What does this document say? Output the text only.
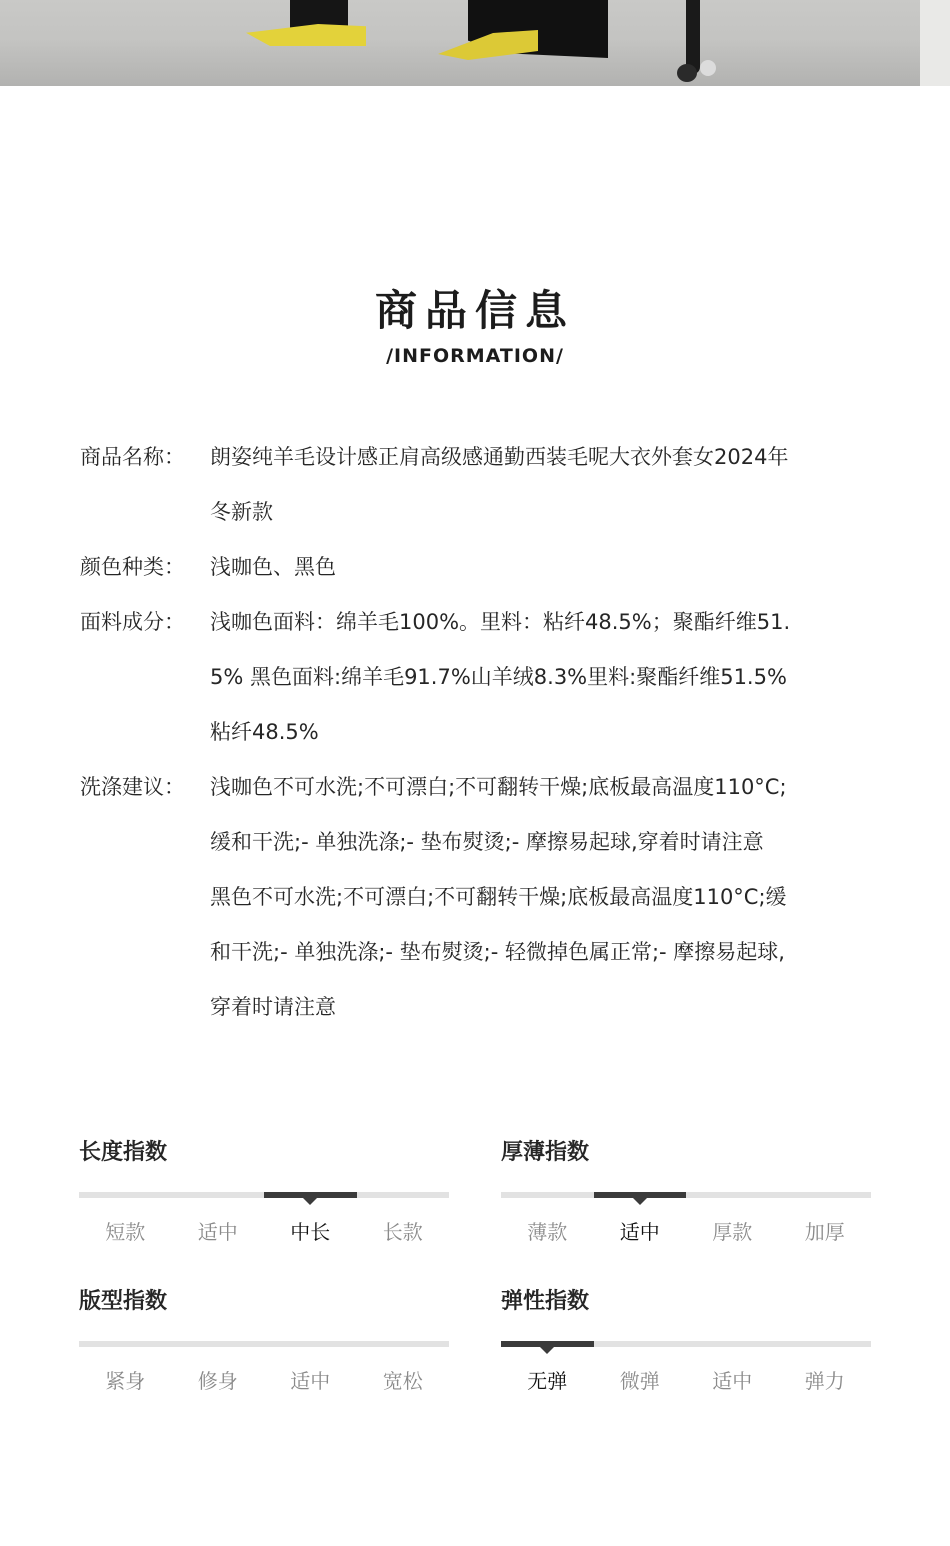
商品信息
/INFORMATION/
商品名称：	朗姿纯羊毛设计感正肩高级感通勤西装毛呢大衣外套女2024年
冬新款
颜色种类：	浅咖色、黑色
面料成分：	浅咖色面料：绵羊毛100%。里料：粘纤48.5%；聚酯纤维51.
5% 黑色面料:绵羊毛91.7%山羊绒8.3%里料:聚酯纤维51.5%
粘纤48.5%
洗涤建议：	浅咖色不可水洗;不可漂白;不可翻转干燥;底板最高温度110°C;
缓和干洗;- 单独洗涤;- 垫布熨烫;- 摩擦易起球,穿着时请注意
黑色不可水洗;不可漂白;不可翻转干燥;底板最高温度110°C;缓
和干洗;- 单独洗涤;- 垫布熨烫;- 轻微掉色属正常;- 摩擦易起球,
穿着时请注意
长度指数
短款	适中	中长	长款
厚薄指数
薄款	适中	厚款	加厚
版型指数
紧身	修身	适中	宽松
弹性指数
无弹	微弹	适中	弹力
